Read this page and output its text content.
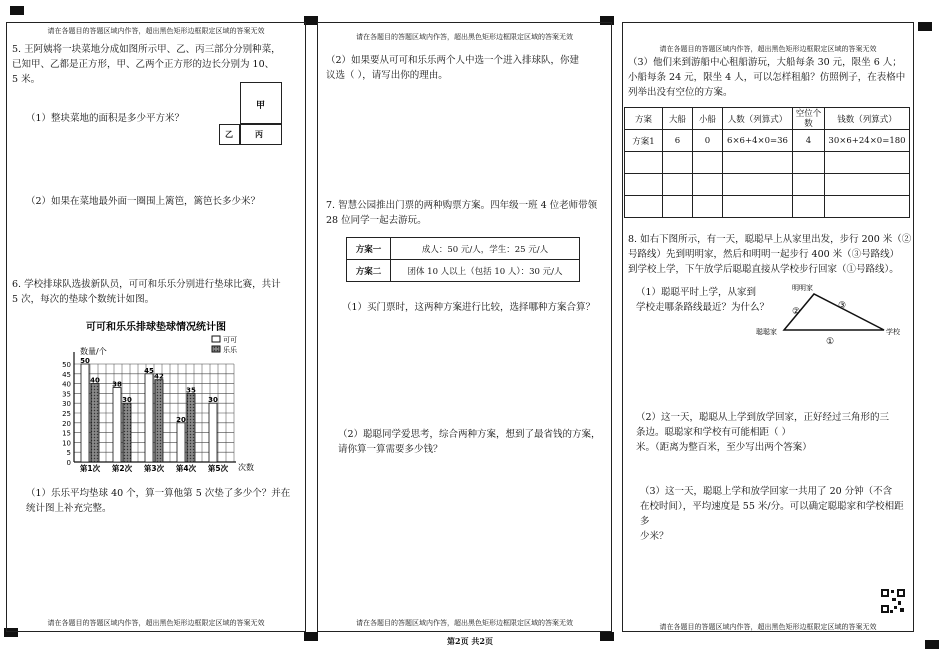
请在各题目的答题区域内作答，超出黑色矩形边框限定区域的答案无效
5. 王阿姨将一块菜地分成如图所示甲、乙、丙三部分分别种菜，
已知甲、乙都是正方形，甲、乙两个正方形的边长分别为 10、
5 米。
甲
乙	丙
（1）整块菜地的面积是多少平方米？
（2）如果在菜地最外面一圈围上篱笆，篱笆长多少米？
6. 学校排球队选拔新队员，可可和乐乐分别进行垫球比赛，共计
5 次，每次的垫球个数统计如图。
可可和乐乐排球垫球情况统计图
数量/个
次数
可可
乐乐
0
5
10
15
20
25
30
35
40
45
50
第1次
50
40
第2次
38
30
第3次
45
42
第4次
20
35
第5次
30
（1）乐乐平均垫球 40 个，算一算他第 5 次垫了多少个？并在
统计图上补充完整。
请在各题目的答题区域内作答，超出黑色矩形边框限定区域的答案无效
请在各题目的答题区域内作答，超出黑色矩形边框限定区域的答案无效
（2）如果要从可可和乐乐两个人中选一个进入排球队，你建
议选（ ），请写出你的理由。
7. 智慧公园推出门票的两种购票方案。四年级一班 4 位老师带领
28 位同学一起去游玩。
方案一	成人：50 元/人，学生：25 元/人
方案二	团体 10 人以上（包括 10 人）：30 元/人
（1）买门票时，这两种方案进行比较，选择哪种方案合算？
（2）聪聪同学爱思考，综合两种方案，想到了最省钱的方案，
请你算一算需要多少钱？
请在各题目的答题区域内作答，超出黑色矩形边框限定区域的答案无效
第2页 共2页
请在各题目的答题区域内作答，超出黑色矩形边框限定区域的答案无效
（3）他们来到游船中心租船游玩，大船每条 30 元，限坐 6 人；
小船每条 24 元，限坐 4 人，可以怎样租船？仿照例子，在表格中
列举出没有空位的方案。
方案	大船	小船	人数（列算式）	空位个数	钱数（列算式）
方案1	6	0	6×6+4×0=36	4	30×6+24×0=180

8. 如右下图所示，有一天，聪聪早上从家里出发，步行 200 米（②
号路线）先到明明家，然后和明明一起步行 400 米（③号路线）
到学校上学，下午放学后聪聪直接从学校步行回家（①号路线）。
（1）聪聪平时上学，从家到
学校走哪条路线最近？为什么？
明明家
聪聪家	学校
②
③
①
（2）这一天，聪聪从上学到放学回家，正好经过三角形的三
条边。聪聪家和学校有可能相距（ ）
米。（距离为整百米，至少写出两个答案）
（3）这一天，聪聪上学和放学回家一共用了 20 分钟（不含
在校时间），平均速度是 55 米/分。可以确定聪聪家和学校相距多
少米？
请在各题目的答题区域内作答，超出黑色矩形边框限定区域的答案无效
